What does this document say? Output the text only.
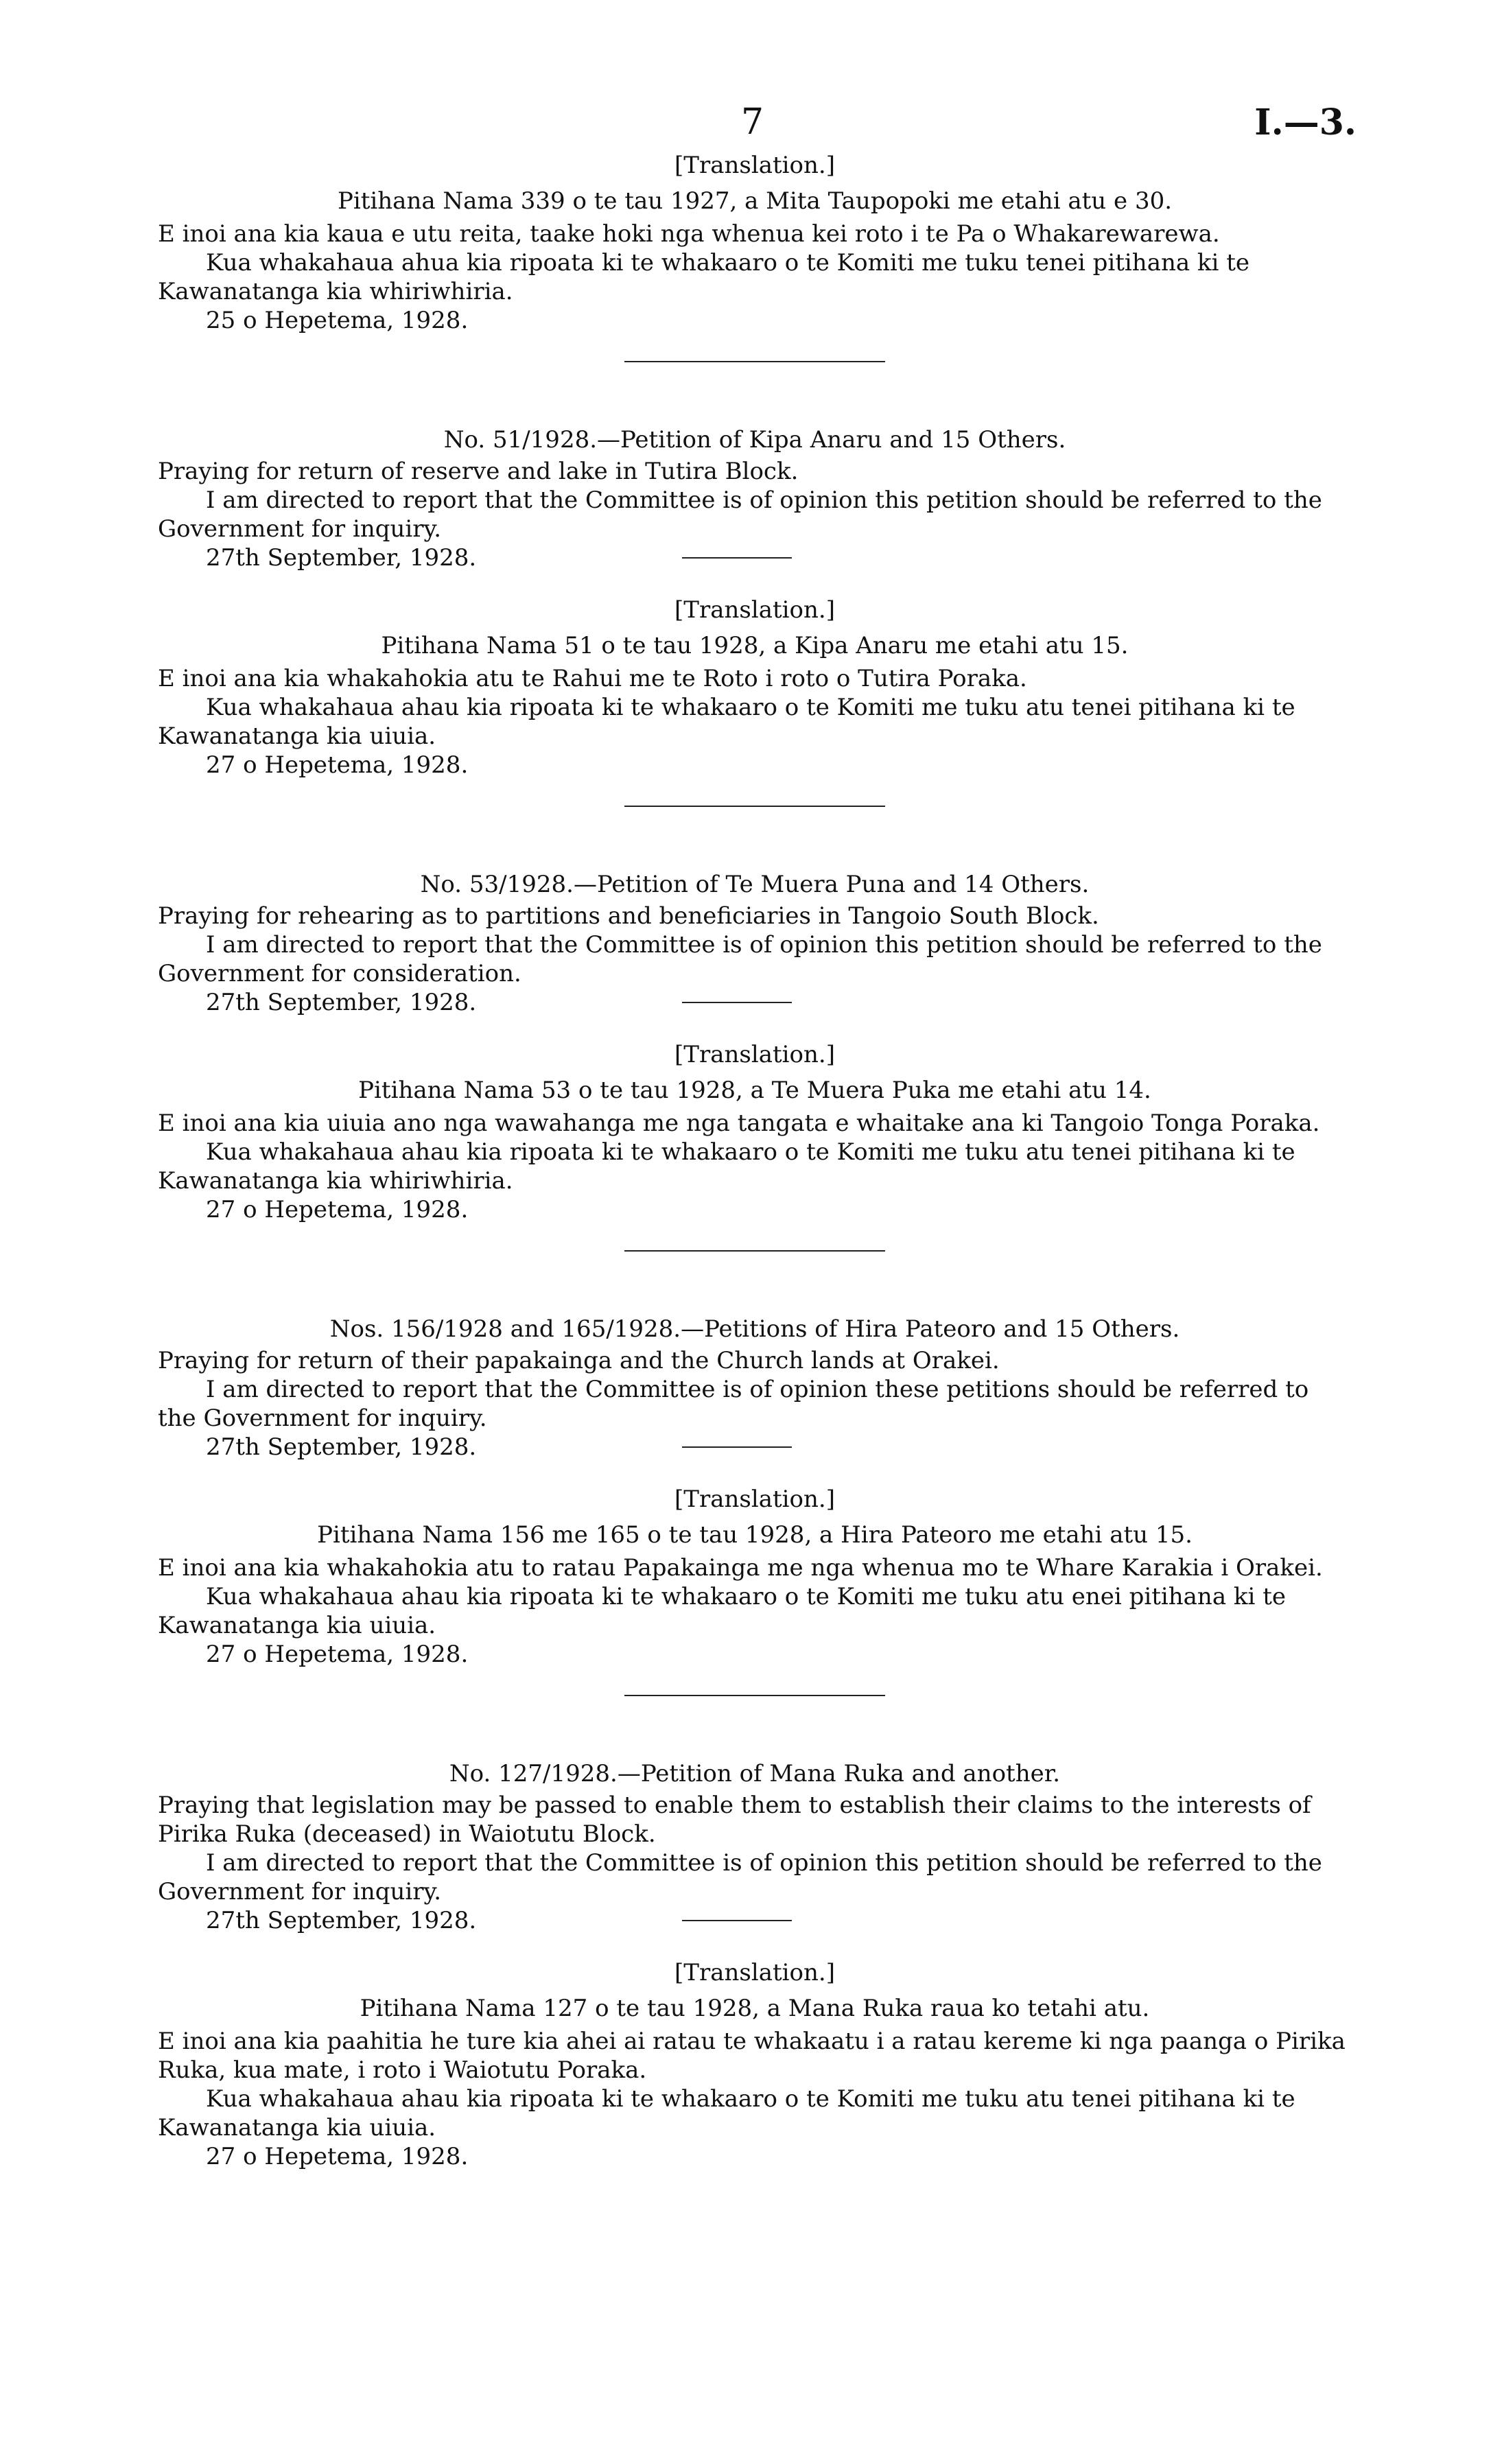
7	I.—3.

[Translation.]

Pitihana Nama 339 o te tau 1927, a Mita Taupopoki me etahi atu e 30.

E inoi ana kia kaua e utu reita, taake hoki nga whenua kei roto i te Pa o Whakarewarewa.

Kua whakahaua ahua kia ripoata ki te whakaaro o te Komiti me tuku tenei pitihana ki te Kawanatanga kia whiriwhiria.

25 o Hepetema, 1928.

No. 51/1928.—Petition of Kipa Anaru and 15 Others.

Praying for return of reserve and lake in Tutira Block.

I am directed to report that the Committee is of opinion this petition should be referred to the Government for inquiry.

27th September, 1928.

[Translation.]

Pitihana Nama 51 o te tau 1928, a Kipa Anaru me etahi atu 15.

E inoi ana kia whakahokia atu te Rahui me te Roto i roto o Tutira Poraka.

Kua whakahaua ahau kia ripoata ki te whakaaro o te Komiti me tuku atu tenei pitihana ki te Kawanatanga kia uiuia.

27 o Hepetema, 1928.

No. 53/1928.—Petition of Te Muera Puna and 14 Others.

Praying for rehearing as to partitions and beneficiaries in Tangoio South Block.

I am directed to report that the Committee is of opinion this petition should be referred to the Government for consideration.

27th September, 1928.

[Translation.]

Pitihana Nama 53 o te tau 1928, a Te Muera Puka me etahi atu 14.

E inoi ana kia uiuia ano nga wawahanga me nga tangata e whaitake ana ki Tangoio Tonga Poraka.

Kua whakahaua ahau kia ripoata ki te whakaaro o te Komiti me tuku atu tenei pitihana ki te Kawanatanga kia whiriwhiria.

27 o Hepetema, 1928.

Nos. 156/1928 and 165/1928.—Petitions of Hira Pateoro and 15 Others.

Praying for return of their papakainga and the Church lands at Orakei.

I am directed to report that the Committee is of opinion these petitions should be referred to the Government for inquiry.

27th September, 1928.

[Translation.]

Pitihana Nama 156 me 165 o te tau 1928, a Hira Pateoro me etahi atu 15.

E inoi ana kia whakahokia atu to ratau Papakainga me nga whenua mo te Whare Karakia i Orakei.

Kua whakahaua ahau kia ripoata ki te whakaaro o te Komiti me tuku atu enei pitihana ki te Kawanatanga kia uiuia.

27 o Hepetema, 1928.

No. 127/1928.—Petition of Mana Ruka and another.

Praying that legislation may be passed to enable them to establish their claims to the interests of Pirika Ruka (deceased) in Waiotutu Block.

I am directed to report that the Committee is of opinion this petition should be referred to the Government for inquiry.

27th September, 1928.

[Translation.]

Pitihana Nama 127 o te tau 1928, a Mana Ruka raua ko tetahi atu.

E inoi ana kia paahitia he ture kia ahei ai ratau te whakaatu i a ratau kereme ki nga paanga o Pirika Ruka, kua mate, i roto i Waiotutu Poraka.

Kua whakahaua ahau kia ripoata ki te whakaaro o te Komiti me tuku atu tenei pitihana ki te Kawanatanga kia uiuia.

27 o Hepetema, 1928.
